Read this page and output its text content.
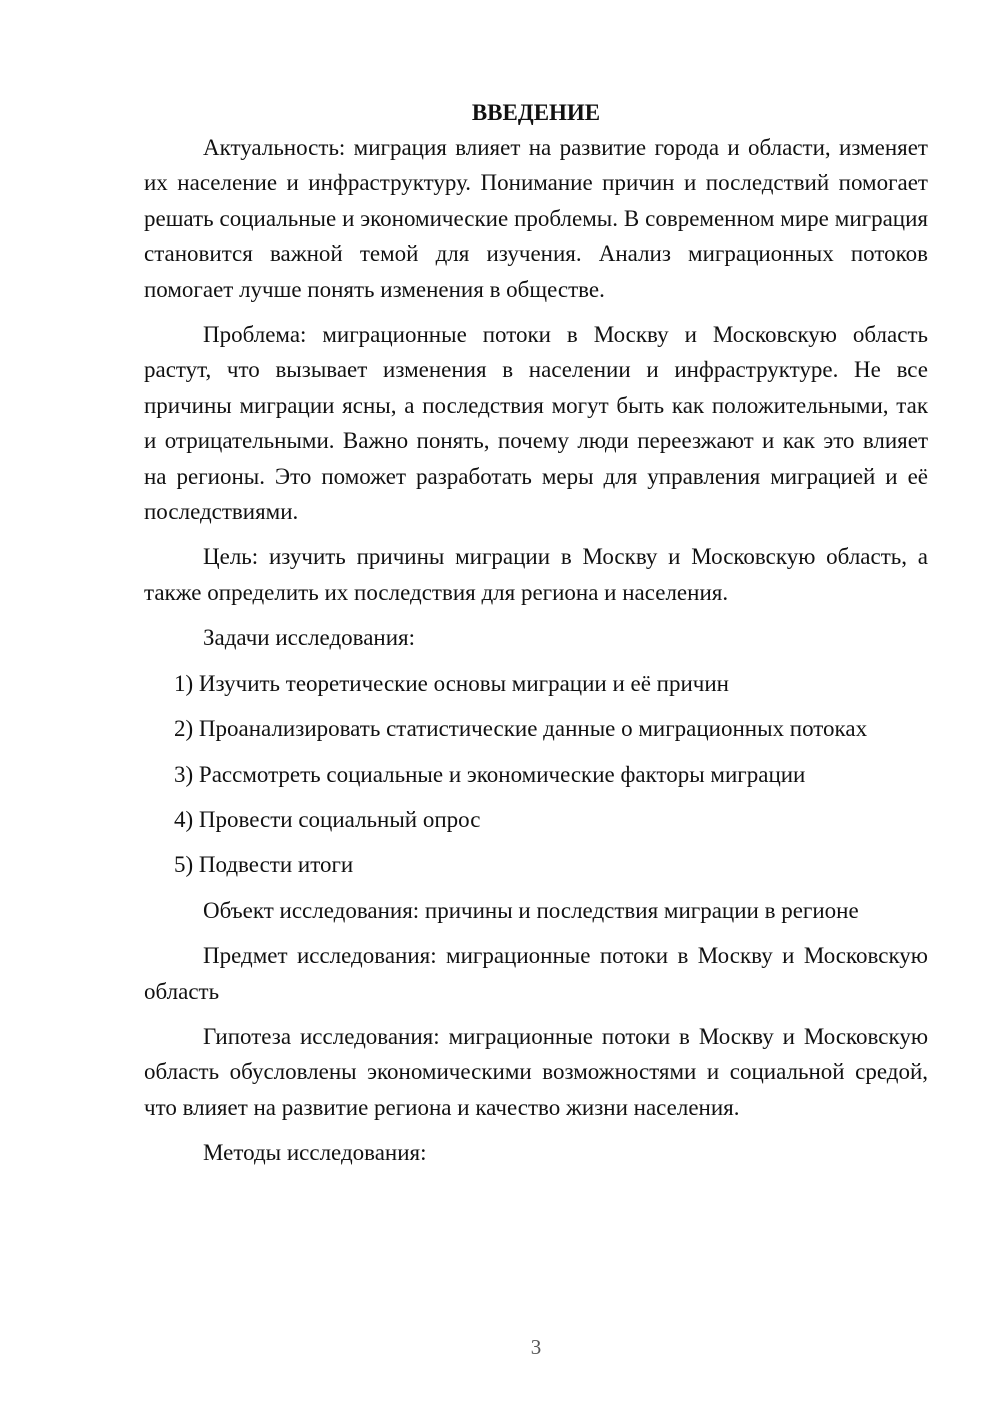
ВВЕДЕНИЕ

Актуальность: миграция влияет на развитие города и области, изменяет их население и инфраструктуру. Понимание причин и последствий помогает решать социальные и экономические проблемы. В современном мире миграция становится важной темой для изучения. Анализ миграционных потоков помогает лучше понять изменения в обществе.

Проблема: миграционные потоки в Москву и Московскую область растут, что вызывает изменения в населении и инфраструктуре. Не все причины миграции ясны, а последствия могут быть как положительными, так и отрицательными. Важно понять, почему люди переезжают и как это влияет на регионы. Это поможет разработать меры для управления миграцией и её последствиями.

Цель: изучить причины миграции в Москву и Московскую область, а также определить их последствия для региона и населения.

Задачи исследования:

1) Изучить теоретические основы миграции и её причин

2) Проанализировать статистические данные о миграционных потоках

3) Рассмотреть социальные и экономические факторы миграции

4) Провести социальный опрос

5) Подвести итоги

Объект исследования: причины и последствия миграции в регионе

Предмет исследования: миграционные потоки в Москву и Московскую область

Гипотеза исследования: миграционные потоки в Москву и Московскую область обусловлены экономическими возможностями и социальной средой, что влияет на развитие региона и качество жизни населения.

Методы исследования:

3
